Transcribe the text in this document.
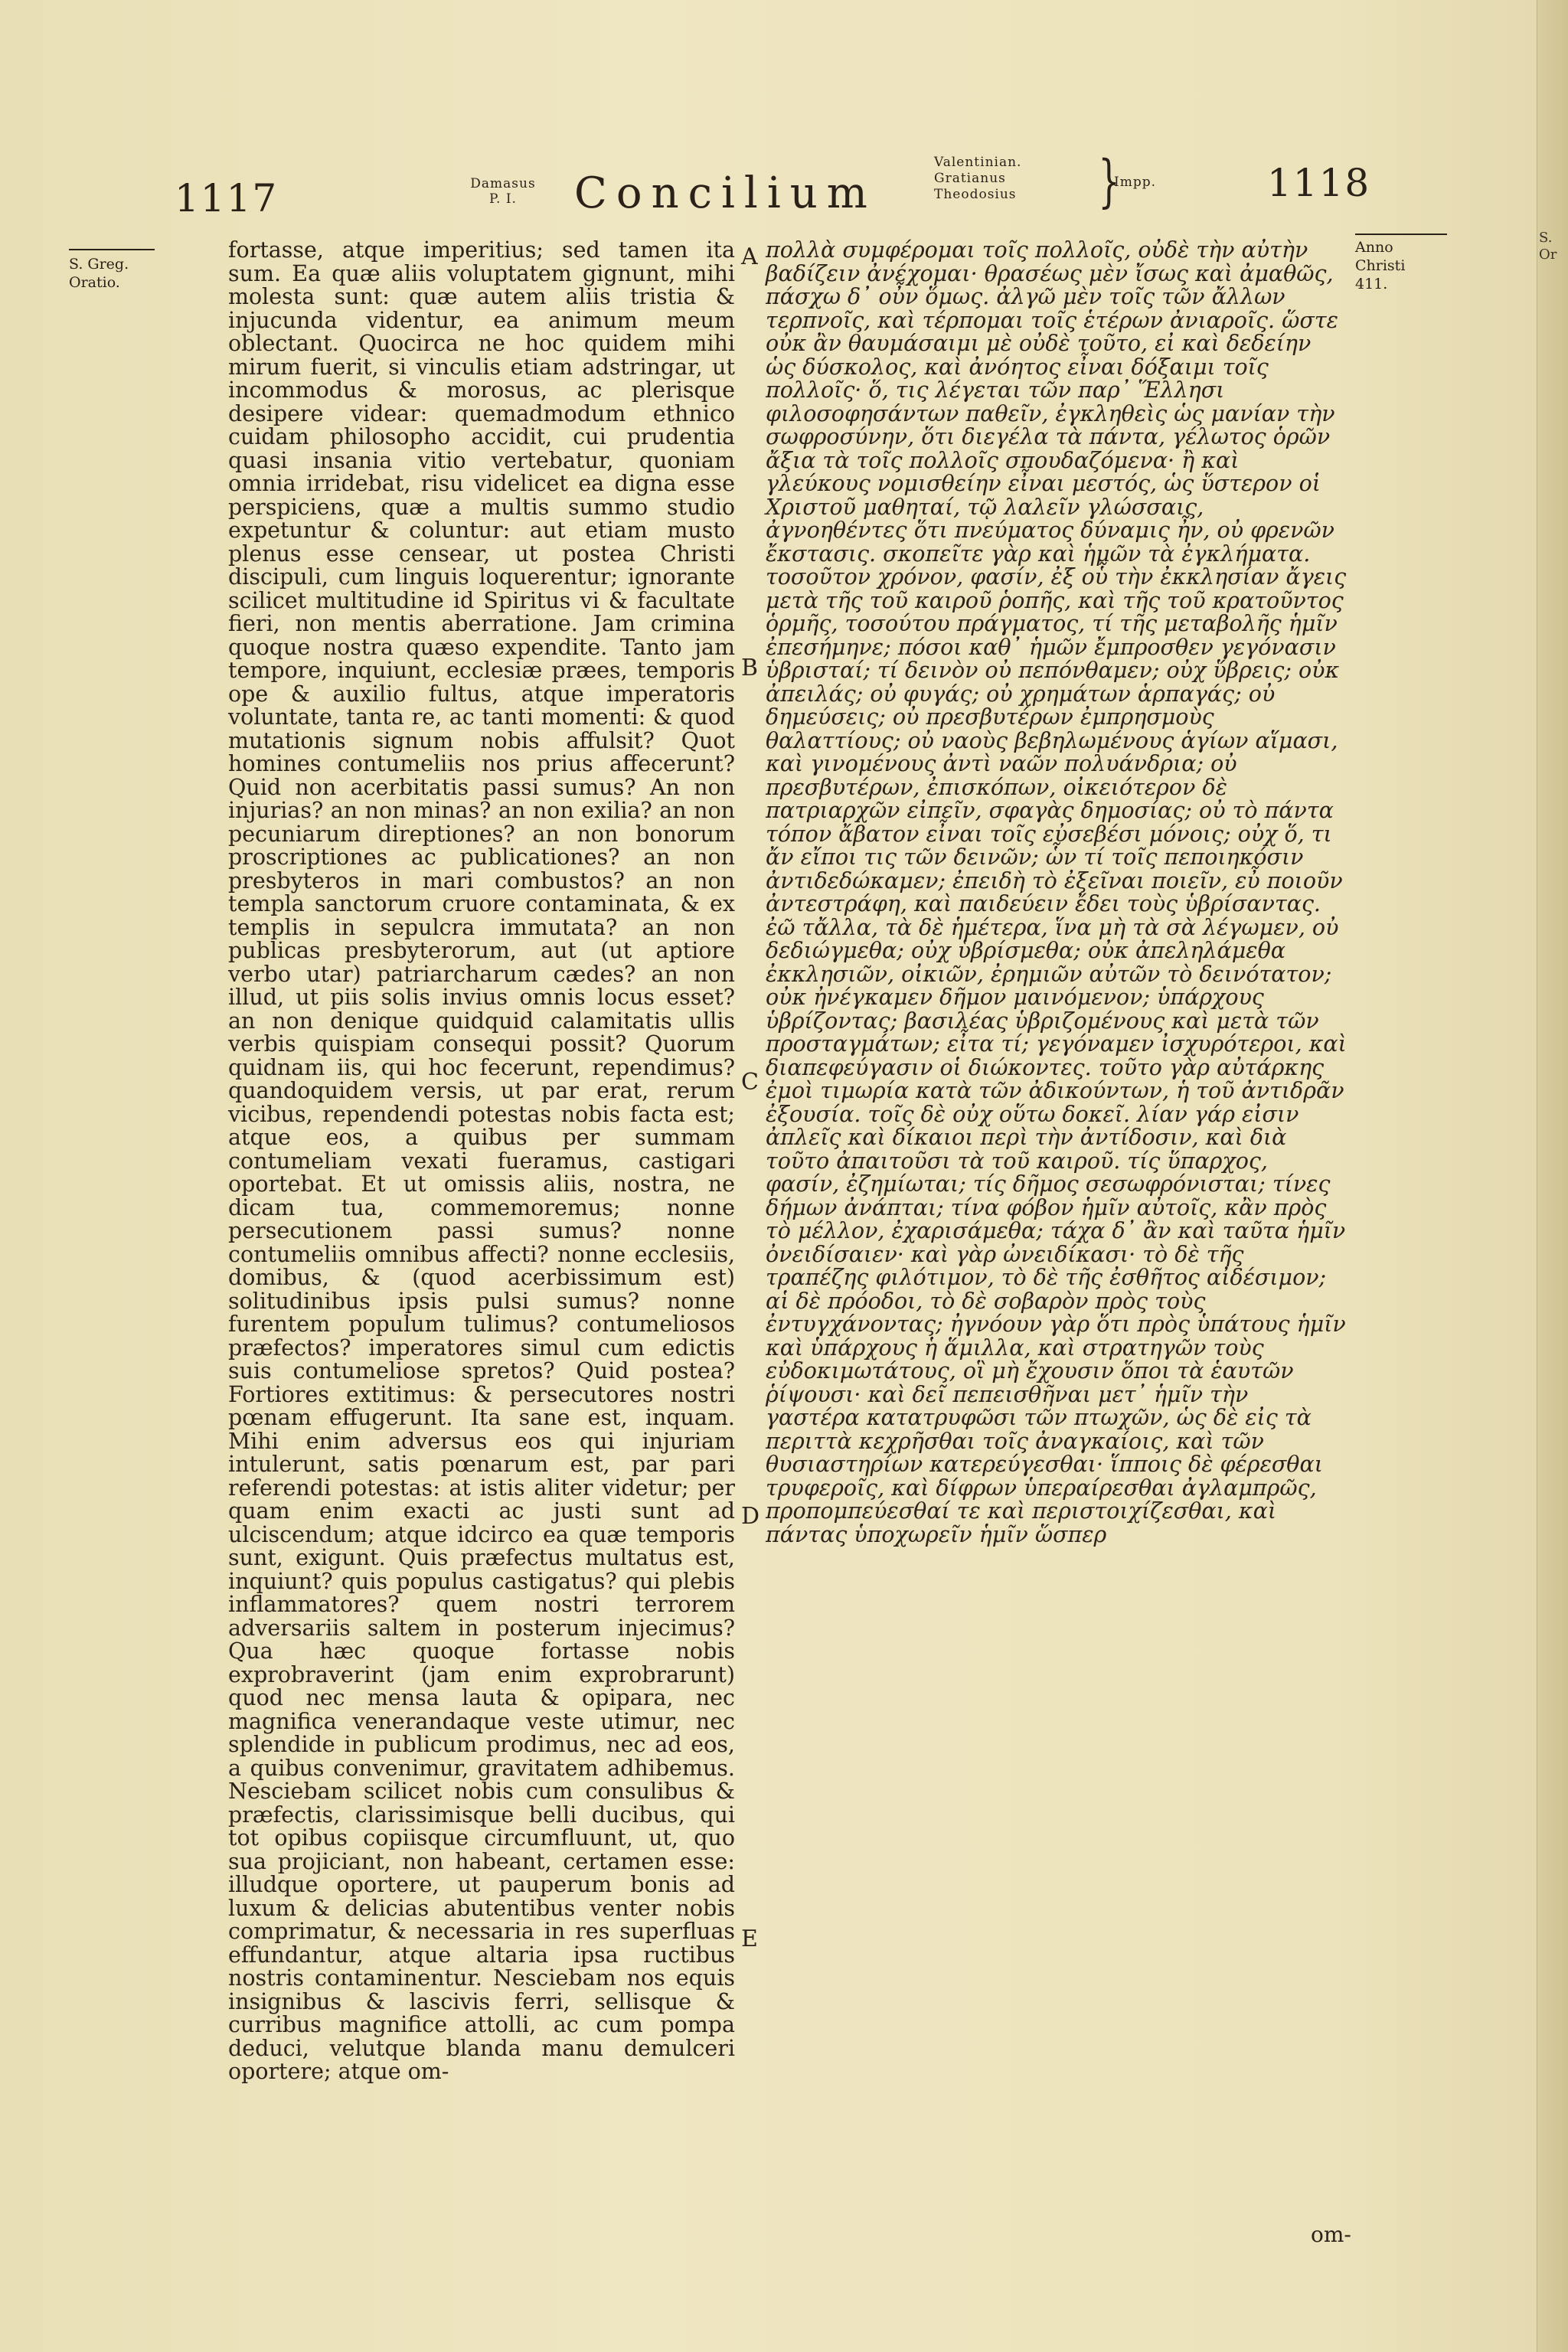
1117	Damasus
P. I.	Concilium
Valentinian.
Gratianus
Theodosius }
Impp.	1118
S. Greg.
Oratio.

fortasse, atque imperitius; sed tamen ita sum. Ea quæ aliis voluptatem gignunt, mihi molesta sunt: quæ autem aliis tristia & injucunda videntur, ea animum meum oblectant. Quocirca ne hoc quidem mihi mirum fuerit, si vinculis etiam adstringar, ut incommodus & morosus, ac plerisque desipere videar: quemadmodum ethnico cuidam philosopho accidit, cui prudentia quasi insania vitio vertebatur, quoniam omnia irridebat, risu videlicet ea digna esse perspiciens, quæ a multis summo studio expetuntur & coluntur: aut etiam musto plenus esse censear, ut postea Christi discipuli, cum linguis loquerentur; ignorante scilicet multitudine id Spiritus vi & facultate fieri, non mentis aberratione. Jam crimina quoque nostra quæso expendite. Tanto jam tempore, inquiunt, ecclesiæ præes, temporis ope & auxilio fultus, atque imperatoris voluntate, tanta re, ac tanti momenti: & quod mutationis signum nobis affulsit? Quot homines contumeliis nos prius affecerunt? Quid non acerbitatis passi sumus? An non injurias? an non minas? an non exilia? an non pecuniarum direptiones? an non bonorum proscriptiones ac publicationes? an non presbyteros in mari combustos? an non templa sanctorum cruore contaminata, & ex templis in sepulcra immutata? an non publicas presbyterorum, aut (ut aptiore verbo utar) patriarcharum cædes? an non illud, ut piis solis invius omnis locus esset? an non denique quidquid calamitatis ullis verbis quispiam consequi possit? Quorum quidnam iis, qui hoc fecerunt, rependimus? quandoquidem versis, ut par erat, rerum vicibus, rependendi potestas nobis facta est; atque eos, a quibus per summam contumeliam vexati fueramus, castigari oportebat. Et ut omissis aliis, nostra, ne dicam tua, commemoremus; nonne persecutionem passi sumus? nonne contumeliis omnibus affecti? nonne ecclesiis, domibus, & (quod acerbissimum est) solitudinibus ipsis pulsi sumus? nonne furentem populum tulimus? contumeliosos præfectos? imperatores simul cum edictis suis contumeliose spretos? Quid postea? Fortiores extitimus: & persecutores nostri pœnam effugerunt. Ita sane est, inquam. Mihi enim adversus eos qui injuriam intulerunt, satis pœnarum est, par pari referendi potestas: at istis aliter videtur; per quam enim exacti ac justi sunt ad ulciscendum; atque idcirco ea quæ temporis sunt, exigunt. Quis præfectus multatus est, inquiunt? quis populus castigatus? qui plebis inflammatores? quem nostri terrorem adversariis saltem in posterum injecimus? Qua hæc quoque fortasse nobis exprobraverint (jam enim exprobrarunt) quod nec mensa lauta & opipara, nec magnifica venerandaque veste utimur, nec splendide in publicum prodimus, nec ad eos, a quibus convenimur, gravitatem adhibemus. Nesciebam scilicet nobis cum consulibus & præfectis, clarissimisque belli ducibus, qui tot opibus copiisque circumfluunt, ut, quo sua projiciant, non habeant, certamen esse: illudque oportere, ut pauperum bonis ad luxum & delicias abutentibus venter nobis comprimatur, & necessaria in res superfluas effundantur, atque altaria ipsa ructibus nostris contaminentur. Nesciebam nos equis insignibus & lascivis ferri, sellisque & curribus magnifice attolli, ac cum pompa deduci, velutque blanda manu demulceri oportere; atque om-

A
B
C
D
E

πολλὰ συμφέρομαι τοῖς πολλοῖς, οὐδὲ τὴν αὐτὴν βαδίζειν ἀνέχομαι· θρασέως μὲν ἴσως καὶ ἀμαθῶς, πάσχω δ᾽ οὖν ὅμως. ἀλγῶ μὲν τοῖς τῶν ἄλλων τερπνοῖς, καὶ τέρπομαι τοῖς ἑτέρων ἀνιαροῖς. ὥστε οὐκ ἂν θαυμάσαιμι μὲ οὐδὲ τοῦτο, εἰ καὶ δεδείην ὡς δύσκολος, καὶ ἀνόητος εἶναι δόξαιμι τοῖς πολλοῖς· ὅ, τις λέγεται τῶν παρ᾽ Ἕλλησι φιλοσοφησάντων παθεῖν, ἐγκληθεὶς ὡς μανίαν τὴν σωφροσύνην, ὅτι διεγέλα τὰ πάντα, γέλωτος ὁρῶν ἄξια τὰ τοῖς πολλοῖς σπουδαζόμενα· ἢ καὶ γλεύκους νομισθείην εἶναι μεστός, ὡς ὕστερον οἱ Χριστοῦ μαθηταί, τῷ λαλεῖν γλώσσαις, ἀγνοηθέντες ὅτι πνεύματος δύναμις ἦν, οὐ φρενῶν ἔκστασις. σκοπεῖτε γὰρ καὶ ἡμῶν τὰ ἐγκλήματα. τοσοῦτον χρόνον, φασίν, ἐξ οὗ τὴν ἐκκλησίαν ἄγεις μετὰ τῆς τοῦ καιροῦ ῥοπῆς, καὶ τῆς τοῦ κρατοῦντος ὁρμῆς, τοσούτου πράγματος, τί τῆς μεταβολῆς ἡμῖν ἐπεσήμηνε; πόσοι καθ᾽ ἡμῶν ἔμπροσθεν γεγόνασιν ὑβρισταί; τί δεινὸν οὐ πεπόνθαμεν; οὐχ ὕβρεις; οὐκ ἀπειλάς; οὐ φυγάς; οὐ χρημάτων ἁρπαγάς; οὐ δημεύσεις; οὐ πρεσβυτέρων ἐμπρησμοὺς θαλαττίους; οὐ ναοὺς βεβηλωμένους ἁγίων αἵμασι, καὶ γινομένους ἀντὶ ναῶν πολυάνδρια; οὐ πρεσβυτέρων, ἐπισκόπων, οἰκειότερον δὲ πατριαρχῶν εἰπεῖν, σφαγὰς δημοσίας; οὐ τὸ πάντα τόπον ἄβατον εἶναι τοῖς εὐσεβέσι μόνοις; οὐχ ὅ, τι ἄν εἴποι τις τῶν δεινῶν; ὧν τί τοῖς πεποιηκόσιν ἀντιδεδώκαμεν; ἐπειδὴ τὸ ἐξεῖναι ποιεῖν, εὖ ποιοῦν ἀντεστράφη, καὶ παιδεύειν ἔδει τοὺς ὑβρίσαντας. ἐῶ τἄλλα, τὰ δὲ ἡμέτερα, ἵνα μὴ τὰ σὰ λέγωμεν, οὐ δεδιώγμεθα; οὐχ ὑβρίσμεθα; οὐκ ἀπεληλάμεθα ἐκκλησιῶν, οἰκιῶν, ἐρημιῶν αὐτῶν τὸ δεινότατον; οὐκ ἠνέγκαμεν δῆμον μαινόμενον; ὑπάρχους ὑβρίζοντας; βασιλέας ὑβριζομένους καὶ μετὰ τῶν προσταγμάτων; εἶτα τί; γεγόναμεν ἰσχυρότεροι, καὶ διαπεφεύγασιν οἱ διώκοντες. τοῦτο γὰρ αὐτάρκης ἐμοὶ τιμωρία κατὰ τῶν ἀδικούντων, ἡ τοῦ ἀντιδρᾶν ἐξουσία. τοῖς δὲ οὐχ οὕτω δοκεῖ. λίαν γάρ εἰσιν ἀπλεῖς καὶ δίκαιοι περὶ τὴν ἀντίδοσιν, καὶ διὰ τοῦτο ἀπαιτοῦσι τὰ τοῦ καιροῦ. τίς ὕπαρχος, φασίν, ἐζημίωται; τίς δῆμος σεσωφρόνισται; τίνες δήμων ἀνάπται; τίνα φόβον ἡμῖν αὐτοῖς, κἂν πρὸς τὸ μέλλον, ἐχαρισάμεθα; τάχα δ᾽ ἂν καὶ ταῦτα ἡμῖν ὀνειδίσαιεν· καὶ γὰρ ὠνειδίκασι· τὸ δὲ τῆς τραπέζης φιλότιμον, τὸ δὲ τῆς ἐσθῆτος αἰδέσιμον; αἱ δὲ πρόοδοι, τὸ δὲ σοβαρὸν πρὸς τοὺς ἐντυγχάνοντας; ἠγνόουν γὰρ ὅτι πρὸς ὑπάτους ἡμῖν καὶ ὑπάρχους ἡ ἅμιλλα, καὶ στρατηγῶν τοὺς εὐδοκιμωτάτους, οἳ μὴ ἔχουσιν ὅποι τὰ ἑαυτῶν ῥίψουσι· καὶ δεῖ πεπεισθῆναι μετ᾽ ἡμῖν τὴν γαστέρα κατατρυφῶσι τῶν πτωχῶν, ὡς δὲ εἰς τὰ περιττὰ κεχρῆσθαι τοῖς ἀναγκαίοις, καὶ τῶν θυσιαστηρίων κατερεύγεσθαι· ἵπποις δὲ φέρεσθαι τρυφεροῖς, καὶ δίφρων ὑπεραίρεσθαι ἀγλαμπρῶς, προπομπεύεσθαί τε καὶ περιστοιχίζεσθαι, καὶ πάντας ὑποχωρεῖν ἡμῖν ὥσπερ

Anno
Christi
411.
om-
S.
Or
